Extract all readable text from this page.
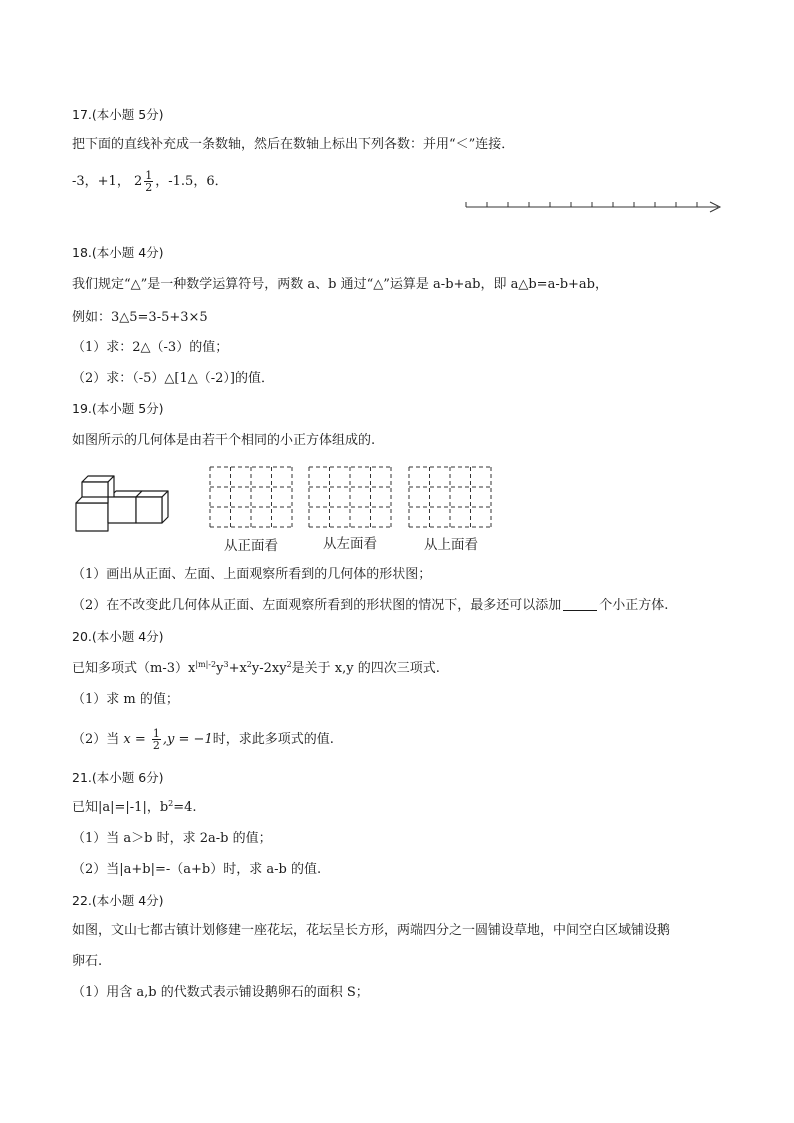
17.(本小题 5分)
把下面的直线补充成一条数轴，然后在数轴上标出下列各数：并用“＜”连接．
-3，+1， $2 \frac{1}{2}$ ，-1.5，6．
18.(本小题 4分)
我们规定“△”是一种数学运算符号，两数 a、b 通过“△”运算是 a-b+ab，即 a△b=a-b+ab，
例如：3△5=3-5+3×5
（1）求：2△（-3）的值；
（2）求：（-5）△[1△（-2）]的值．
19.(本小题 5分)
如图所示的几何体是由若干个相同的小正方体组成的.
从正面看	从左面看	从上面看
（1）画出从正面、左面、上面观察所看到的几何体的形状图；
（2）在不改变此几何体从正面、左面观察所看到的形状图的情况下，最多还可以添加	个小正方体.
20.(本小题 4分)
已知多项式$(m-3)x^{|m|-2}y^3+x^2y-2xy^2$是关于 x,y 的四次三项式.
（1）求 m 的值；
（2）当 $x = \frac{1}{2} ,y = -1$时，求此多项式的值.
21.(本小题 6分)
已知|a|=|-1|，$b^2=4$.
（1）当 a＞b 时，求 2a-b 的值；
（2）当|a+b|=-（a+b）时，求 a-b 的值.
22.(本小题 4分)
如图，文山七都古镇计划修建一座花坛，花坛呈长方形，两端四分之一圆铺设草地，中间空白区域铺设鹅
卵石.
（1）用含 a,b 的代数式表示铺设鹅卵石的面积 S；
